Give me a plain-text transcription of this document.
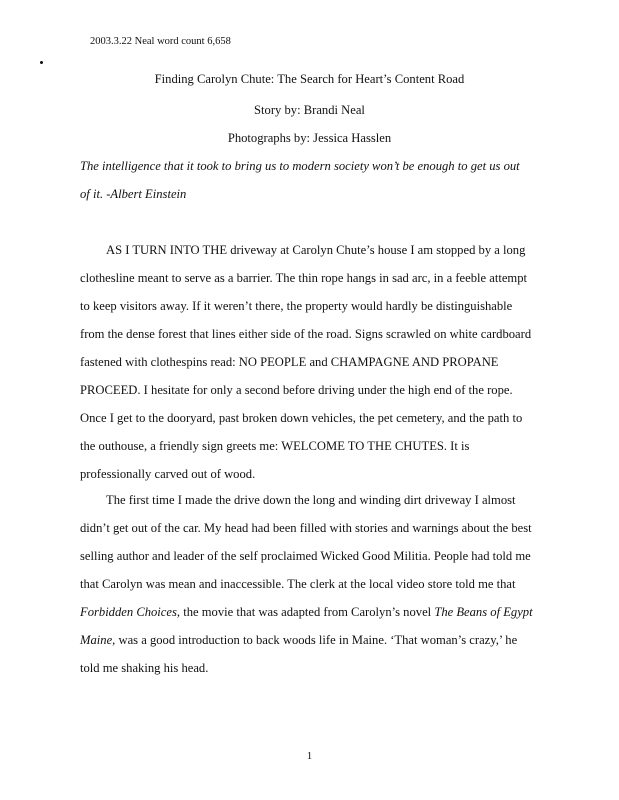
2003.3.22 Neal word count 6,658
Finding Carolyn Chute: The Search for Heart’s Content Road
Story by: Brandi Neal
Photographs by: Jessica Hasslen
The intelligence that it took to bring us to modern society won’t be enough to get us out
of it. -Albert Einstein
AS I TURN INTO THE driveway at Carolyn Chute’s house I am stopped by a long
clothesline meant to serve as a barrier. The thin rope hangs in sad arc, in a feeble attempt
to keep visitors away. If it weren’t there, the property would hardly be distinguishable
from the dense forest that lines either side of the road. Signs scrawled on white cardboard
fastened with clothespins read: NO PEOPLE and CHAMPAGNE AND PROPANE
PROCEED. I hesitate for only a second before driving under the high end of the rope.
Once I get to the dooryard, past broken down vehicles, the pet cemetery, and the path to
the outhouse, a friendly sign greets me: WELCOME TO THE CHUTES. It is
professionally carved out of wood.
The first time I made the drive down the long and winding dirt driveway I almost
didn’t get out of the car. My head had been filled with stories and warnings about the best
selling author and leader of the self proclaimed Wicked Good Militia. People had told me
that Carolyn was mean and inaccessible. The clerk at the local video store told me that
Forbidden Choices, the movie that was adapted from Carolyn’s novel The Beans of Egypt
Maine, was a good introduction to back woods life in Maine. ‘That woman’s crazy,’ he
told me shaking his head.
1
